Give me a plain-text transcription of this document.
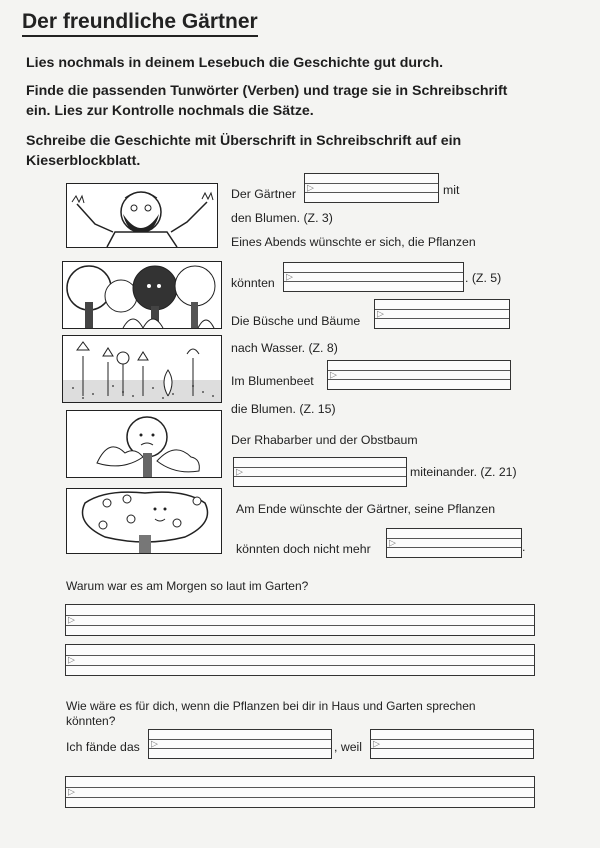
Der freundliche Gärtner
Lies nochmals in deinem Lesebuch die Geschichte gut durch.
Finde die passenden Tunwörter (Verben) und trage sie in Schreibschrift
ein. Lies zur Kontrolle nochmals die Sätze.
Schreibe die Geschichte mit Überschrift in Schreibschrift auf ein
Kieserblockblatt.
Der Gärtner ▷	mit
den Blumen. (Z. 3)
Eines Abends wünschte er sich, die Pflanzen
könnten ▷	. (Z. 5)
Die Büsche und Bäume
▷
nach Wasser. (Z. 8)
Im Blumenbeet ▷
die Blumen. (Z. 15)
Der Rhabarber und der Obstbaum
▷	miteinander. (Z. 21)
Am Ende wünschte der Gärtner, seine Pflanzen
könnten doch nicht mehr ▷	.
Warum war es am Morgen so laut im Garten?
▷
▷
Wie wäre es für dich, wenn die Pflanzen bei dir in Haus und Garten sprechen
könnten?
Ich fände das ▷	, weil ▷
▷
